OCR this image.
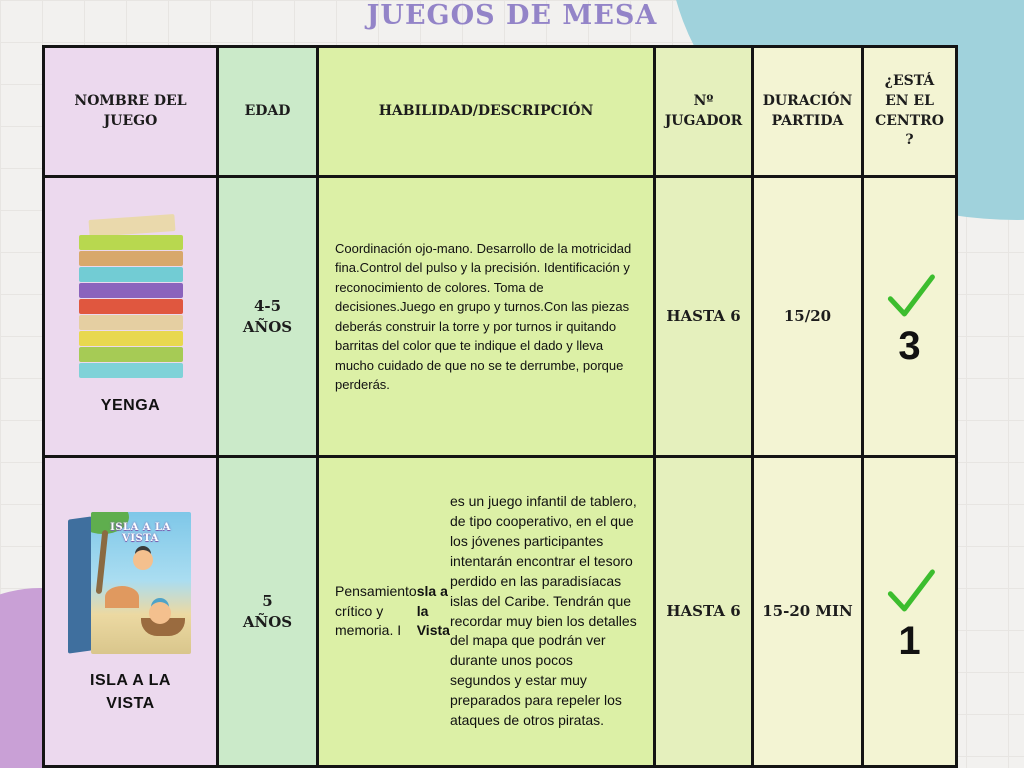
JUEGOS DE MESA
NOMBRE DEL JUEGO
EDAD	HABILIDAD/DESCRIPCIÓN
Nº JUGADOR
DURACIÓN PARTIDA
¿ESTÁ EN EL CENTRO ?
YENGA
4-5 AÑOS
Coordinación ojo-mano. Desarrollo de la motricidad fina.Control del pulso y la precisión. Identificación y reconocimiento de colores. Toma de decisiones.Juego en grupo y turnos.Con las piezas deberás construir la torre y por turnos ir quitando barritas del color que te indique el dado y lleva mucho cuidado de que no se te derrumbe, porque perderás.
HASTA 6	15/20
3
ISLA A LA VISTA
ISLA A LA VISTA
5 AÑOS
Pensamiento crítico y memoria. I
sla a la Vista
es un juego infantil de tablero, de tipo cooperativo, en el que los jóvenes participantes intentarán encontrar el tesoro perdido en las paradisíacas islas del Caribe. Tendrán que recordar muy bien los detalles del mapa que podrán ver durante unos pocos segundos y estar muy preparados para repeler los ataques de otros piratas.
HASTA 6 15-20 MIN
1
